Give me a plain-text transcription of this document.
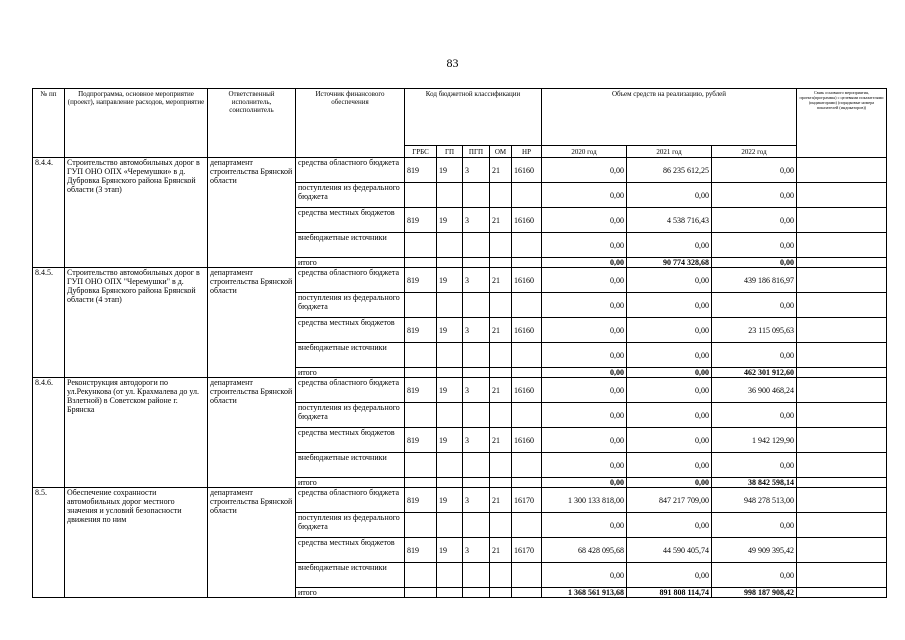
83
№ пп	Подпрограмма, основное мероприятие (проект), направление расходов, мероприятие	Ответственный исполнитель, соисполнитель	Источник финансового обеспечения	Код бюджетной классификации					Объем средств на реализацию, рублей			Связь основного мероприятия, проекта(программы) с целевыми показателями (индикаторами) (порядковые номера показателей (индикаторов))
				ГРБС	ГП	ПГП	ОМ	НР	2020 год	2021 год	2022 год	
8.4.4.	Строительство автомобильных дорог в ГУП ОНО ОПХ «Черемушки» в д. Дубровка Брянского района Брянской области (3 этап)	департамент строительства Брянской области	средства областного бюджета	819	19	3	21	16160	0,00	86 235 612,25	0,00	
			поступления из федерального бюджета						0,00	0,00	0,00	
			средства местных бюджетов	819	19	3	21	16160	0,00	4 538 716,43	0,00	
			внебюджетные источники						0,00	0,00	0,00	
			итого						0,00	90 774 328,68	0,00	
8.4.5.	Строительство автомобильных дорог в ГУП ОНО ОПХ "Черемушки" в д. Дубровка Брянского района Брянской области (4 этап)	департамент строительства Брянской области	средства областного бюджета	819	19	3	21	16160	0,00	0,00	439 186 816,97	
			поступления из федерального бюджета						0,00	0,00	0,00	
			средства местных бюджетов	819	19	3	21	16160	0,00	0,00	23 115 095,63	
			внебюджетные источники						0,00	0,00	0,00	
			итого						0,00	0,00	462 301 912,60	
8.4.6.	Реконструкция автодороги по ул.Рекункова (от ул. Крахмалева до ул. Взлетной) в Советском районе г. Брянска	департамент строительства Брянской области	средства областного бюджета	819	19	3	21	16160	0,00	0,00	36 900 468,24	
			поступления из федерального бюджета						0,00	0,00	0,00	
			средства местных бюджетов	819	19	3	21	16160	0,00	0,00	1 942 129,90	
			внебюджетные источники						0,00	0,00	0,00	
			итого						0,00	0,00	38 842 598,14	
8.5.	Обеспечение сохранности автомобильных дорог местного значения и условий безопасности движения по ним	департамент строительства Брянской области	средства областного бюджета	819	19	3	21	16170	1 300 133 818,00	847 217 709,00	948 278 513,00	
			поступления из федерального бюджета						0,00	0,00	0,00	
			средства местных бюджетов	819	19	3	21	16170	68 428 095,68	44 590 405,74	49 909 395,42	
			внебюджетные источники						0,00	0,00	0,00	
			итого						1 368 561 913,68	891 808 114,74	998 187 908,42	
